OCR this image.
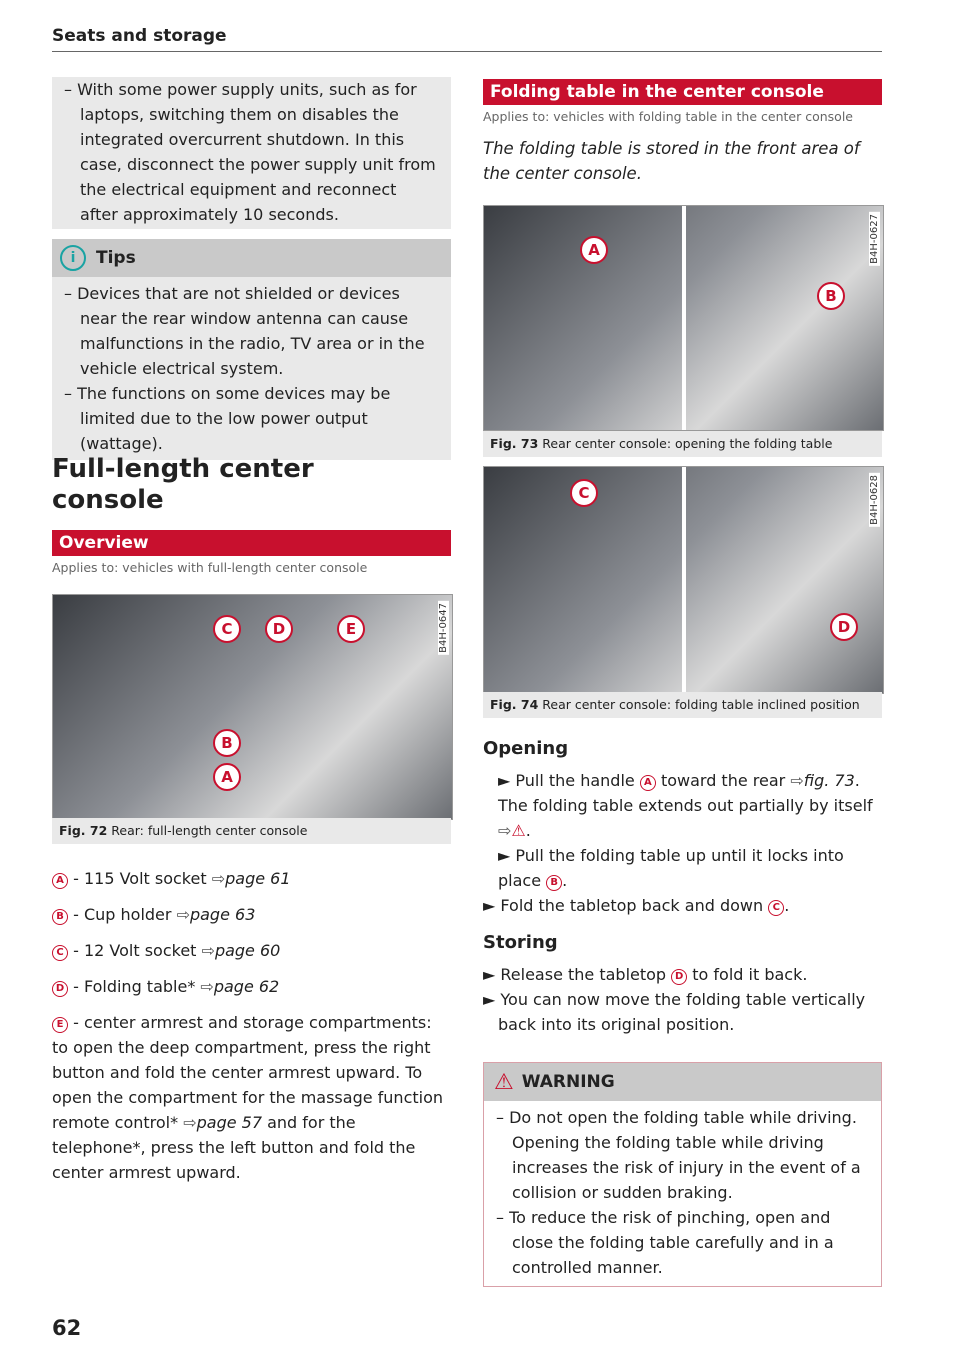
Seats and storage

– With some power supply units, such as for laptops, switching them on disables the integrated overcurrent shutdown. In this case, disconnect the power supply unit from the electrical equipment and reconnect after approximately 10 seconds.

i	Tips

– Devices that are not shielded or devices near the rear window antenna can cause malfunctions in the radio, TV area or in the vehicle electrical system.

– The functions on some devices may be limited due to the low power output (wattage).

Full-length center console
Overview
Applies to: vehicles with full-length center console
B4H-0647
C
B
A
D	E
Fig. 72 Rear: full-length center console

A - 115 Volt socket ⇨page 61

B - Cup holder ⇨page 63

C - 12 Volt socket ⇨page 60

D - Folding table* ⇨page 62

E - center armrest and storage compartments: to open the deep compartment, press the right button and fold the center armrest upward. To open the compartment for the massage function remote control* ⇨page 57 and for the telephone*, press the left button and fold the center armrest upward.

62
Folding table in the center console
Applies to: vehicles with folding table in the center console

The folding table is stored in the front area of the center console.

B4H-0627
A
B
Fig. 73 Rear center console: opening the folding table
B4H-0628
C
D
Fig. 74 Rear center console: folding table inclined position
Opening

► Pull the handle A toward the rear ⇨fig. 73. The folding table extends out partially by itself ⇨⚠.

► Pull the folding table up until it locks into place B .

► Fold the tabletop back and down C .

Storing

► Release the tabletop D to fold it back.

► You can now move the folding table vertically back into its original position.

⚠ WARNING

– Do not open the folding table while driving. Opening the folding table while driving increases the risk of injury in the event of a collision or sudden braking.

– To reduce the risk of pinching, open and close the folding table carefully and in a controlled manner.
